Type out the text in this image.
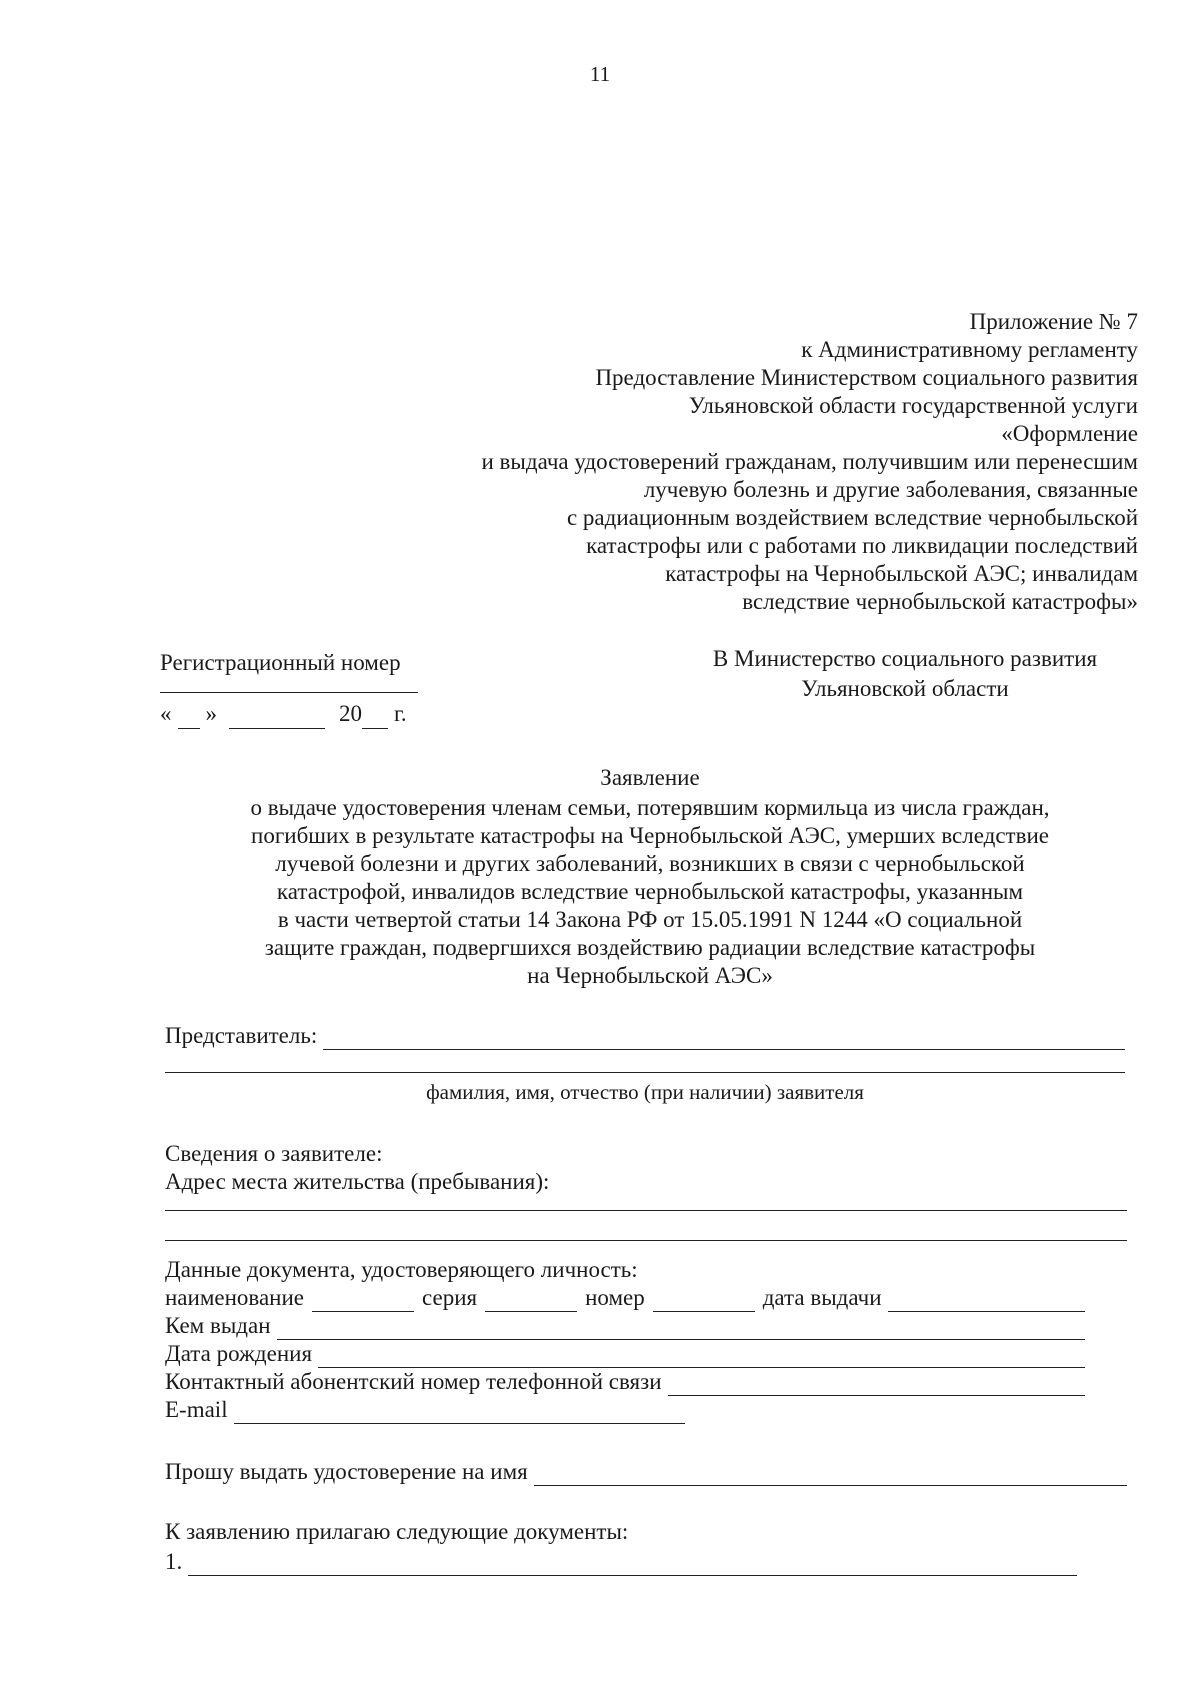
11
Приложение № 7
к Административному регламенту
Предоставление Министерством социального развития
Ульяновской области государственной услуги
«Оформление
и выдача удостоверений гражданам, получившим или перенесшим
лучевую болезнь и другие заболевания, связанные
с радиационным воздействием вследствие чернобыльской
катастрофы или с работами по ликвидации последствий
катастрофы на Чернобыльской АЭС; инвалидам
вследствие чернобыльской катастрофы»
Регистрационный номер
« »	20 г.
В Министерство социального развития
Ульяновской области
Заявление
о выдаче удостоверения членам семьи, потерявшим кормильца из числа граждан,
погибших в результате катастрофы на Чернобыльской АЭС, умерших вследствие
лучевой болезни и других заболеваний, возникших в связи с чернобыльской
катастрофой, инвалидов вследствие чернобыльской катастрофы, указанным
в части четвертой статьи 14 Закона РФ от 15.05.1991 N 1244 «О социальной
защите граждан, подвергшихся воздействию радиации вследствие катастрофы
на Чернобыльской АЭС»
Представитель:
фамилия, имя, отчество (при наличии) заявителя
Сведения о заявителе:
Адрес места жительства (пребывания):
Данные документа, удостоверяющего личность:
наименование	серия	номер	дата выдачи
Кем выдан
Дата рождения
Контактный абонентский номер телефонной связи
E-mail
Прошу выдать удостоверение на имя
К заявлению прилагаю следующие документы:
1.
